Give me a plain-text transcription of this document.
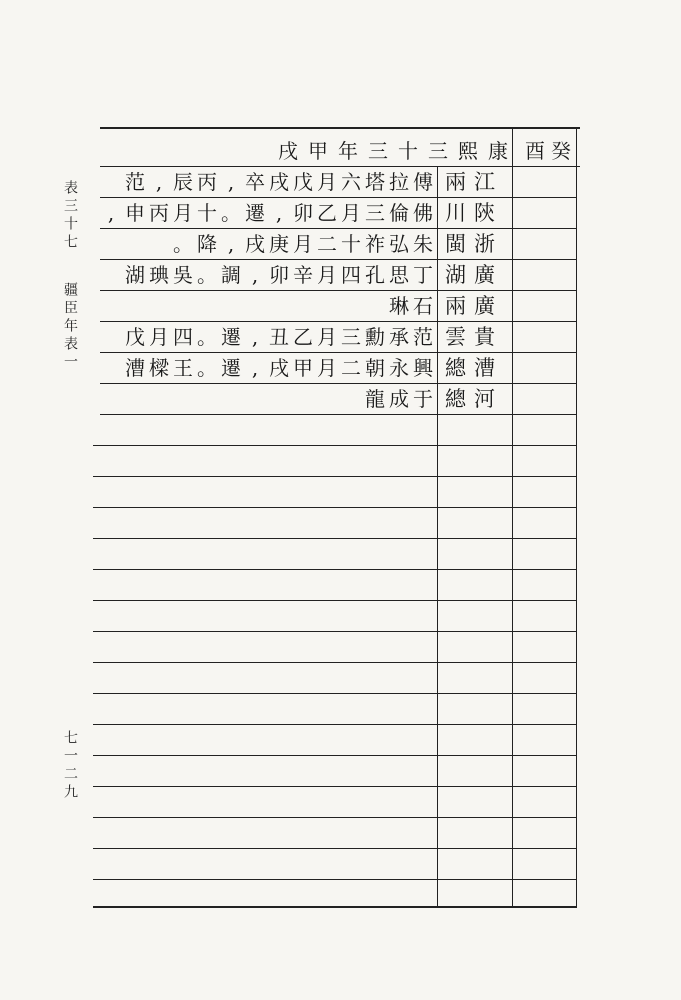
康
熙
三
十
三
年
甲
戌	癸
酉
兩江
傅
拉
塔
六
月
戊
戌
卒
,
丙
辰
,
范
川陝
佛
倫
三
月
乙
卯
,
遷
。
十
月
丙
申
,
閩浙
朱
弘
祚
十
二
月
庚
戌
,
降
。
湖廣
丁
思
孔
四
月
辛
卯
,
調
。
吳
琠
湖
兩廣
石
琳
雲貴
范
承
勳
三
月
乙
丑
,
遷
。
四
月
戊
總漕
興
永
朝
二
月
甲
戌
,
遷
。
王
樑
漕
總河
于
成
龍
表三十七
疆臣年表一
七一二九
